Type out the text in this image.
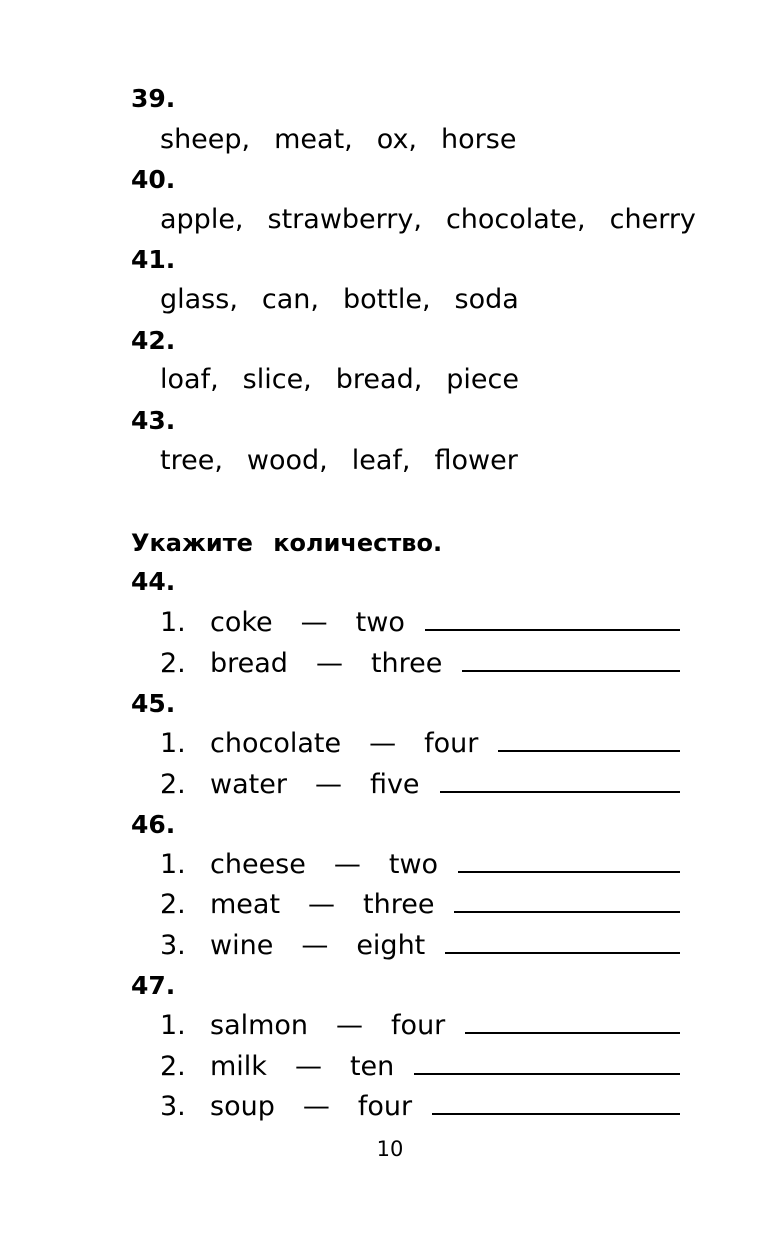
39.
sheep, meat, ox, horse
40.
apple, strawberry, chocolate, cherry
41.
glass, can, bottle, soda
42.
loaf, slice, bread, piece
43.
tree, wood, leaf, flower
Укажите количество.
44.
1. coke — two
2. bread — three
45.
1. chocolate — four
2. water — five
46.
1. cheese — two
2. meat — three
3. wine — eight
47.
1. salmon — four
2. milk — ten
3. soup — four
10
